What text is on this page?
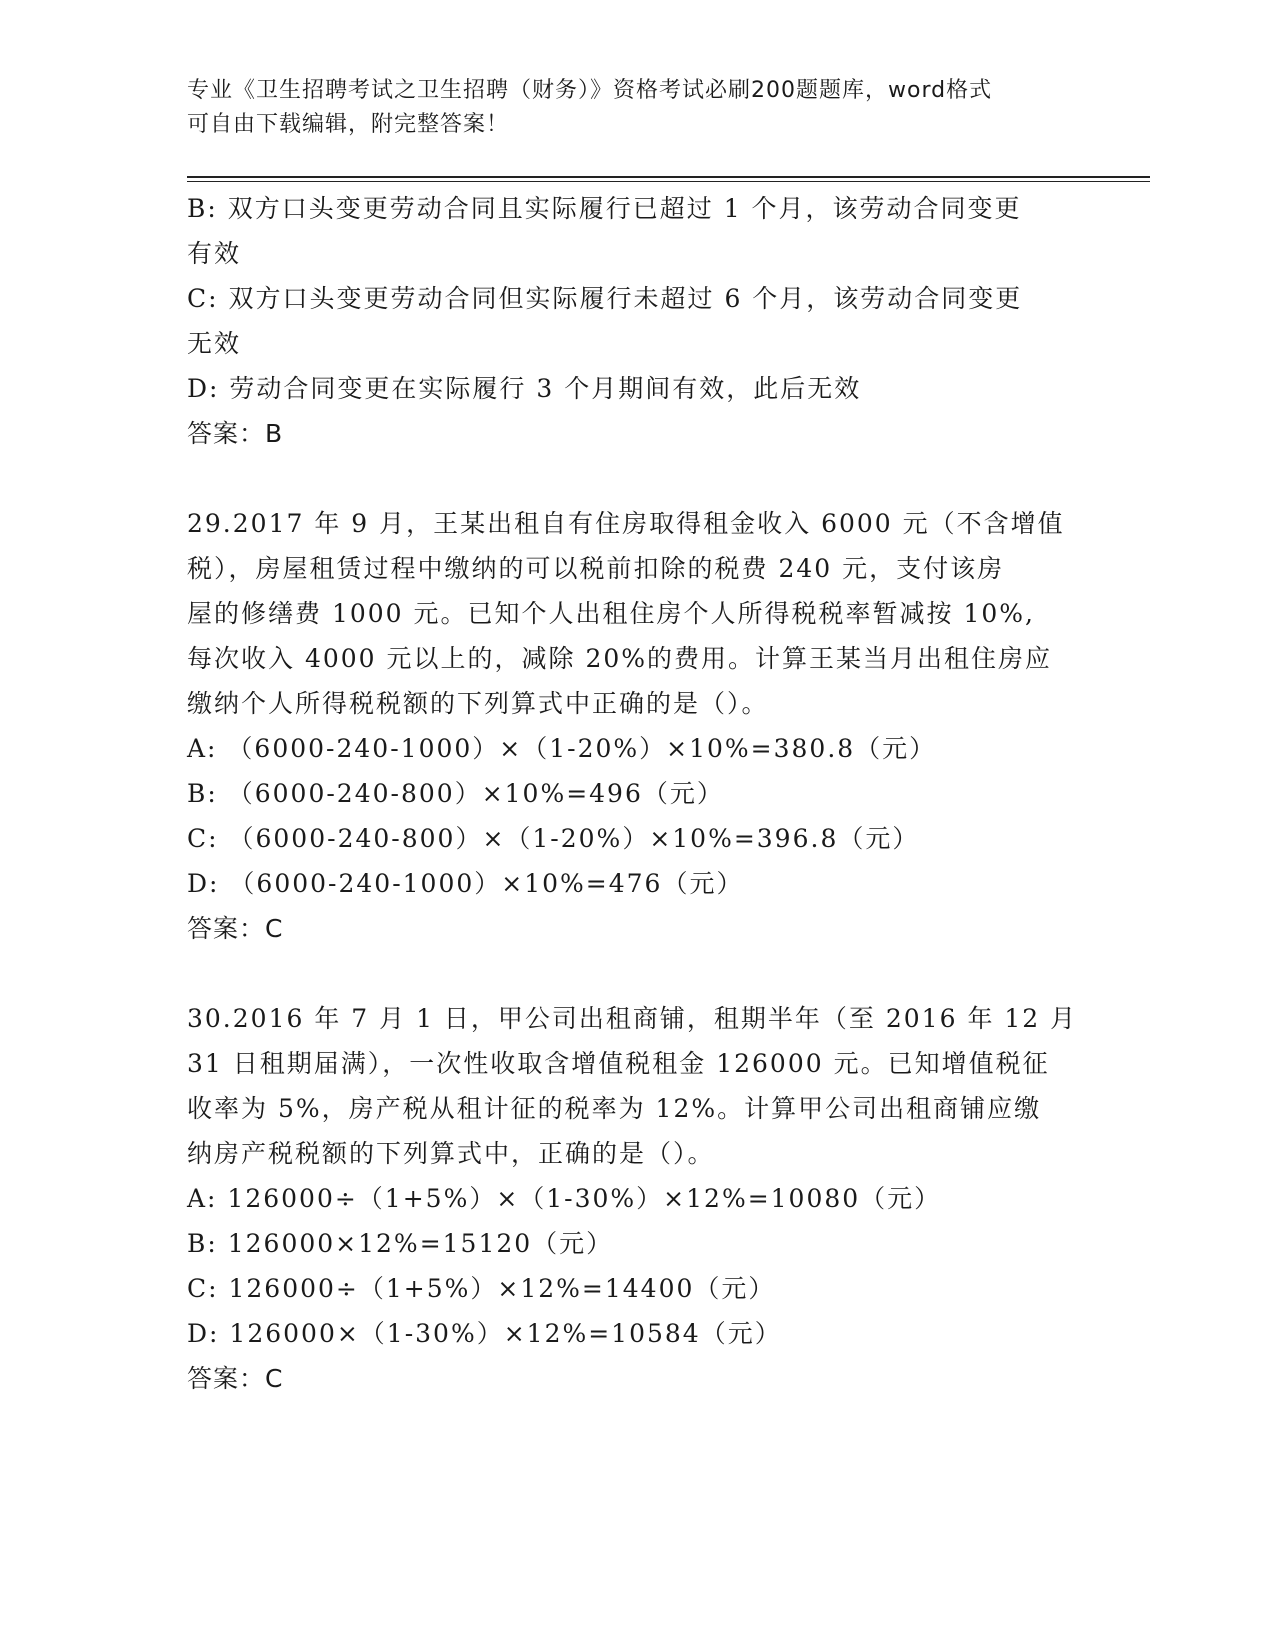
专业《卫生招聘考试之卫生招聘（财务）》资格考试必刷200题题库，word格式
可自由下载编辑，附完整答案！
B: 双方口头变更劳动合同且实际履行已超过 1 个月，该劳动合同变更
有效
C: 双方口头变更劳动合同但实际履行未超过 6 个月，该劳动合同变更
无效
D: 劳动合同变更在实际履行 3 个月期间有效，此后无效
答案：B
29.2017 年 9 月，王某出租自有住房取得租金收入 6000 元（不含增值
税），房屋租赁过程中缴纳的可以税前扣除的税费 240 元，支付该房
屋的修缮费 1000 元。已知个人出租住房个人所得税税率暂减按 10%,
每次收入 4000 元以上的，减除 20%的费用。计算王某当月出租住房应
缴纳个人所得税税额的下列算式中正确的是（）。
A: （6000-240-1000）×（1-20%）×10%=380.8（元）
B: （6000-240-800）×10%=496（元）
C: （6000-240-800）×（1-20%）×10%=396.8（元）
D: （6000-240-1000）×10%=476（元）
答案：C
30.2016 年 7 月 1 日，甲公司出租商铺，租期半年（至 2016 年 12 月
31 日租期届满），一次性收取含增值税租金 126000 元。已知增值税征
收率为 5%，房产税从租计征的税率为 12%。计算甲公司出租商铺应缴
纳房产税税额的下列算式中，正确的是（）。
A: 126000÷（1+5%）×（1-30%）×12%=10080（元）
B: 126000×12%=15120（元）
C: 126000÷（1+5%）×12%=14400（元）
D: 126000×（1-30%）×12%=10584（元）
答案：C
